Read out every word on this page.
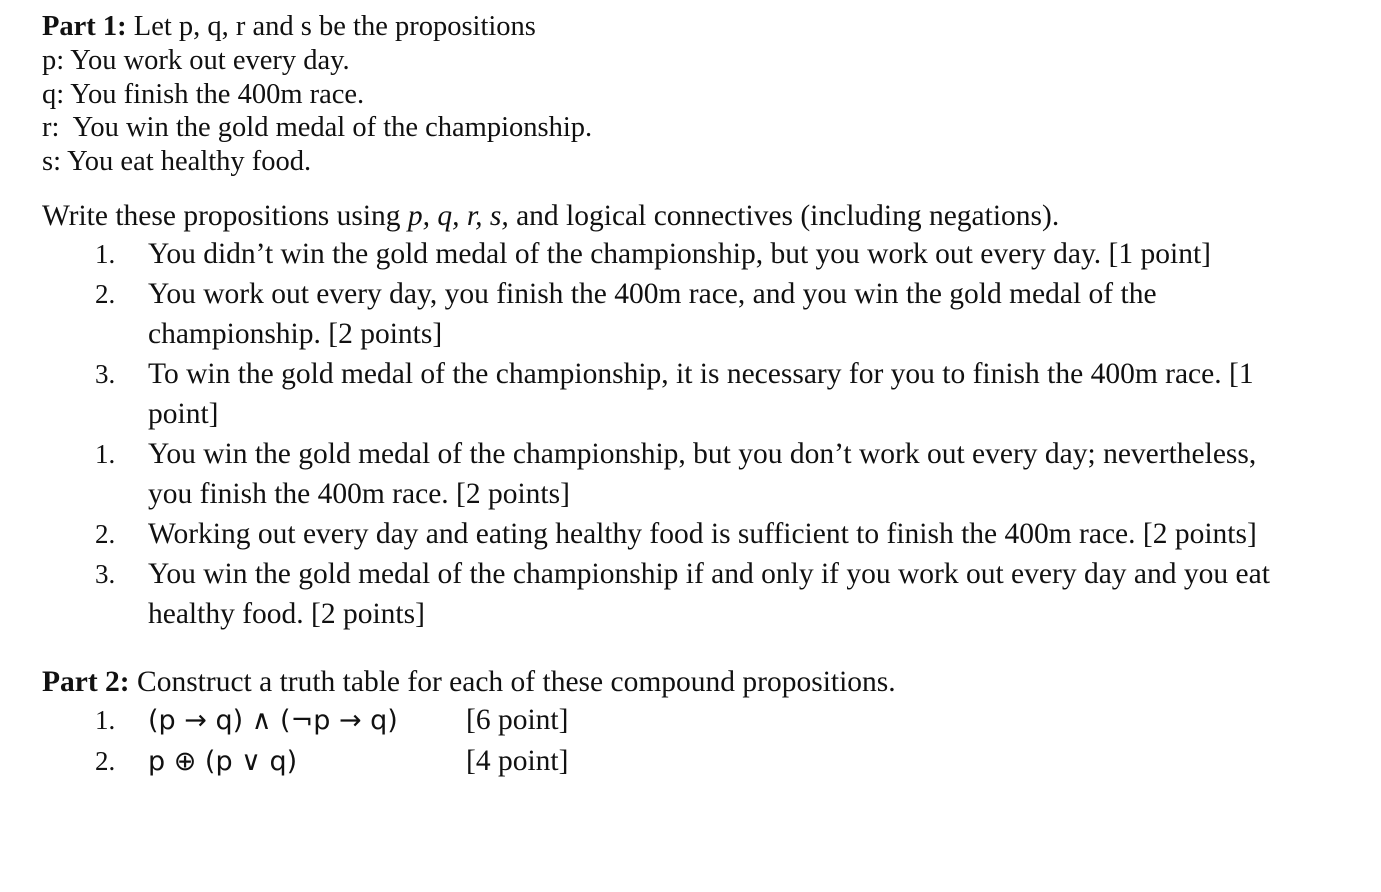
Part 1: Let p, q, r and s be the propositions
p: You work out every day.
q: You finish the 400m race.
r:  You win the gold medal of the championship.
s: You eat healthy food.
Write these propositions using p, q, r, s, and logical connectives (including negations).
1. You didn’t win the gold medal of the championship, but you work out every day. [1 point]
2. You work out every day, you finish the 400m race, and you win the gold medal of the championship. [2 points]
3. To win the gold medal of the championship, it is necessary for you to finish the 400m race. [1 point]
1. You win the gold medal of the championship, but you don’t work out every day; nevertheless, you finish the 400m race. [2 points]
2. Working out every day and eating healthy food is sufficient to finish the 400m race. [2 points]
3. You win the gold medal of the championship if and only if you work out every day and you eat healthy food. [2 points]
Part 2: Construct a truth table for each of these compound propositions.
1. (p → q) ∧ (¬p → q) [6 point]
2. p ⊕ (p ∨ q)	[4 point]
